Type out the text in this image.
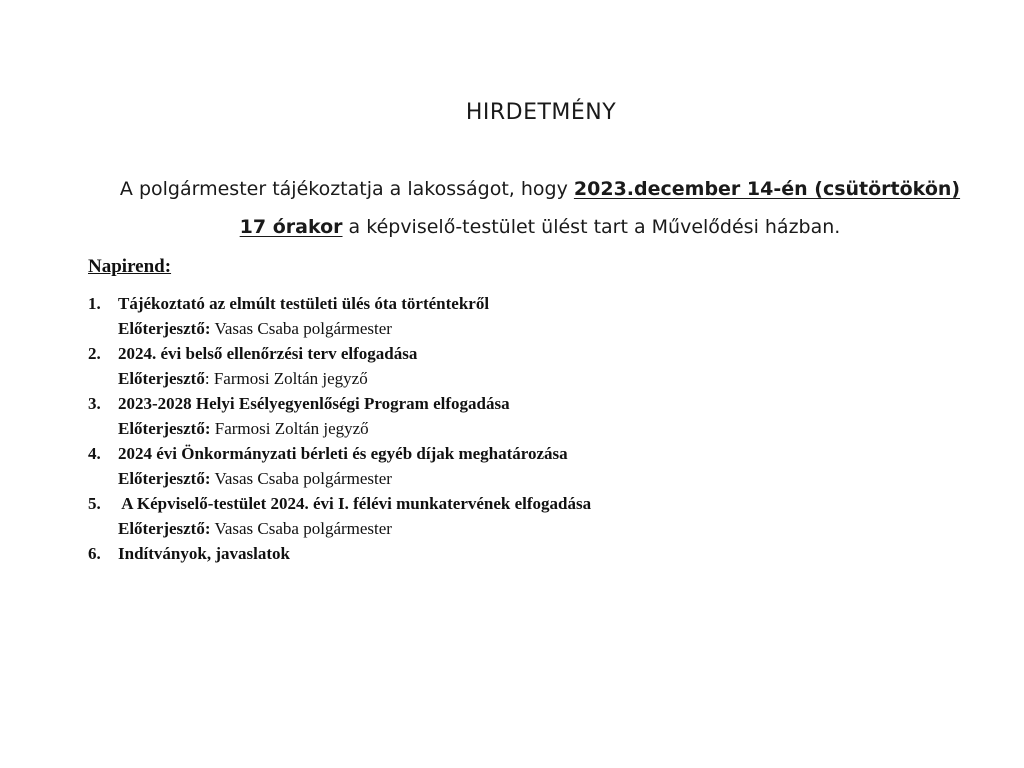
HIRDETMÉNY
A polgármester tájékoztatja a lakosságot, hogy 2023.december 14-én (csütörtökön)
17 órakor a képviselő-testület ülést tart a Művelődési házban.
Napirend:
1.	Tájékoztató az elmúlt testületi ülés óta történtekről
Előterjesztő: Vasas Csaba polgármester
2.	2024. évi belső ellenőrzési terv elfogadása
Előterjesztő: Farmosi Zoltán jegyző
3.	2023-2028 Helyi Esélyegyenlőségi Program elfogadása
Előterjesztő: Farmosi Zoltán jegyző
4.	2024 évi Önkormányzati bérleti és egyéb díjak meghatározása
Előterjesztő: Vasas Csaba polgármester
5.	A Képviselő-testület 2024. évi I. félévi munkatervének elfogadása
Előterjesztő: Vasas Csaba polgármester
6.	Indítványok, javaslatok
